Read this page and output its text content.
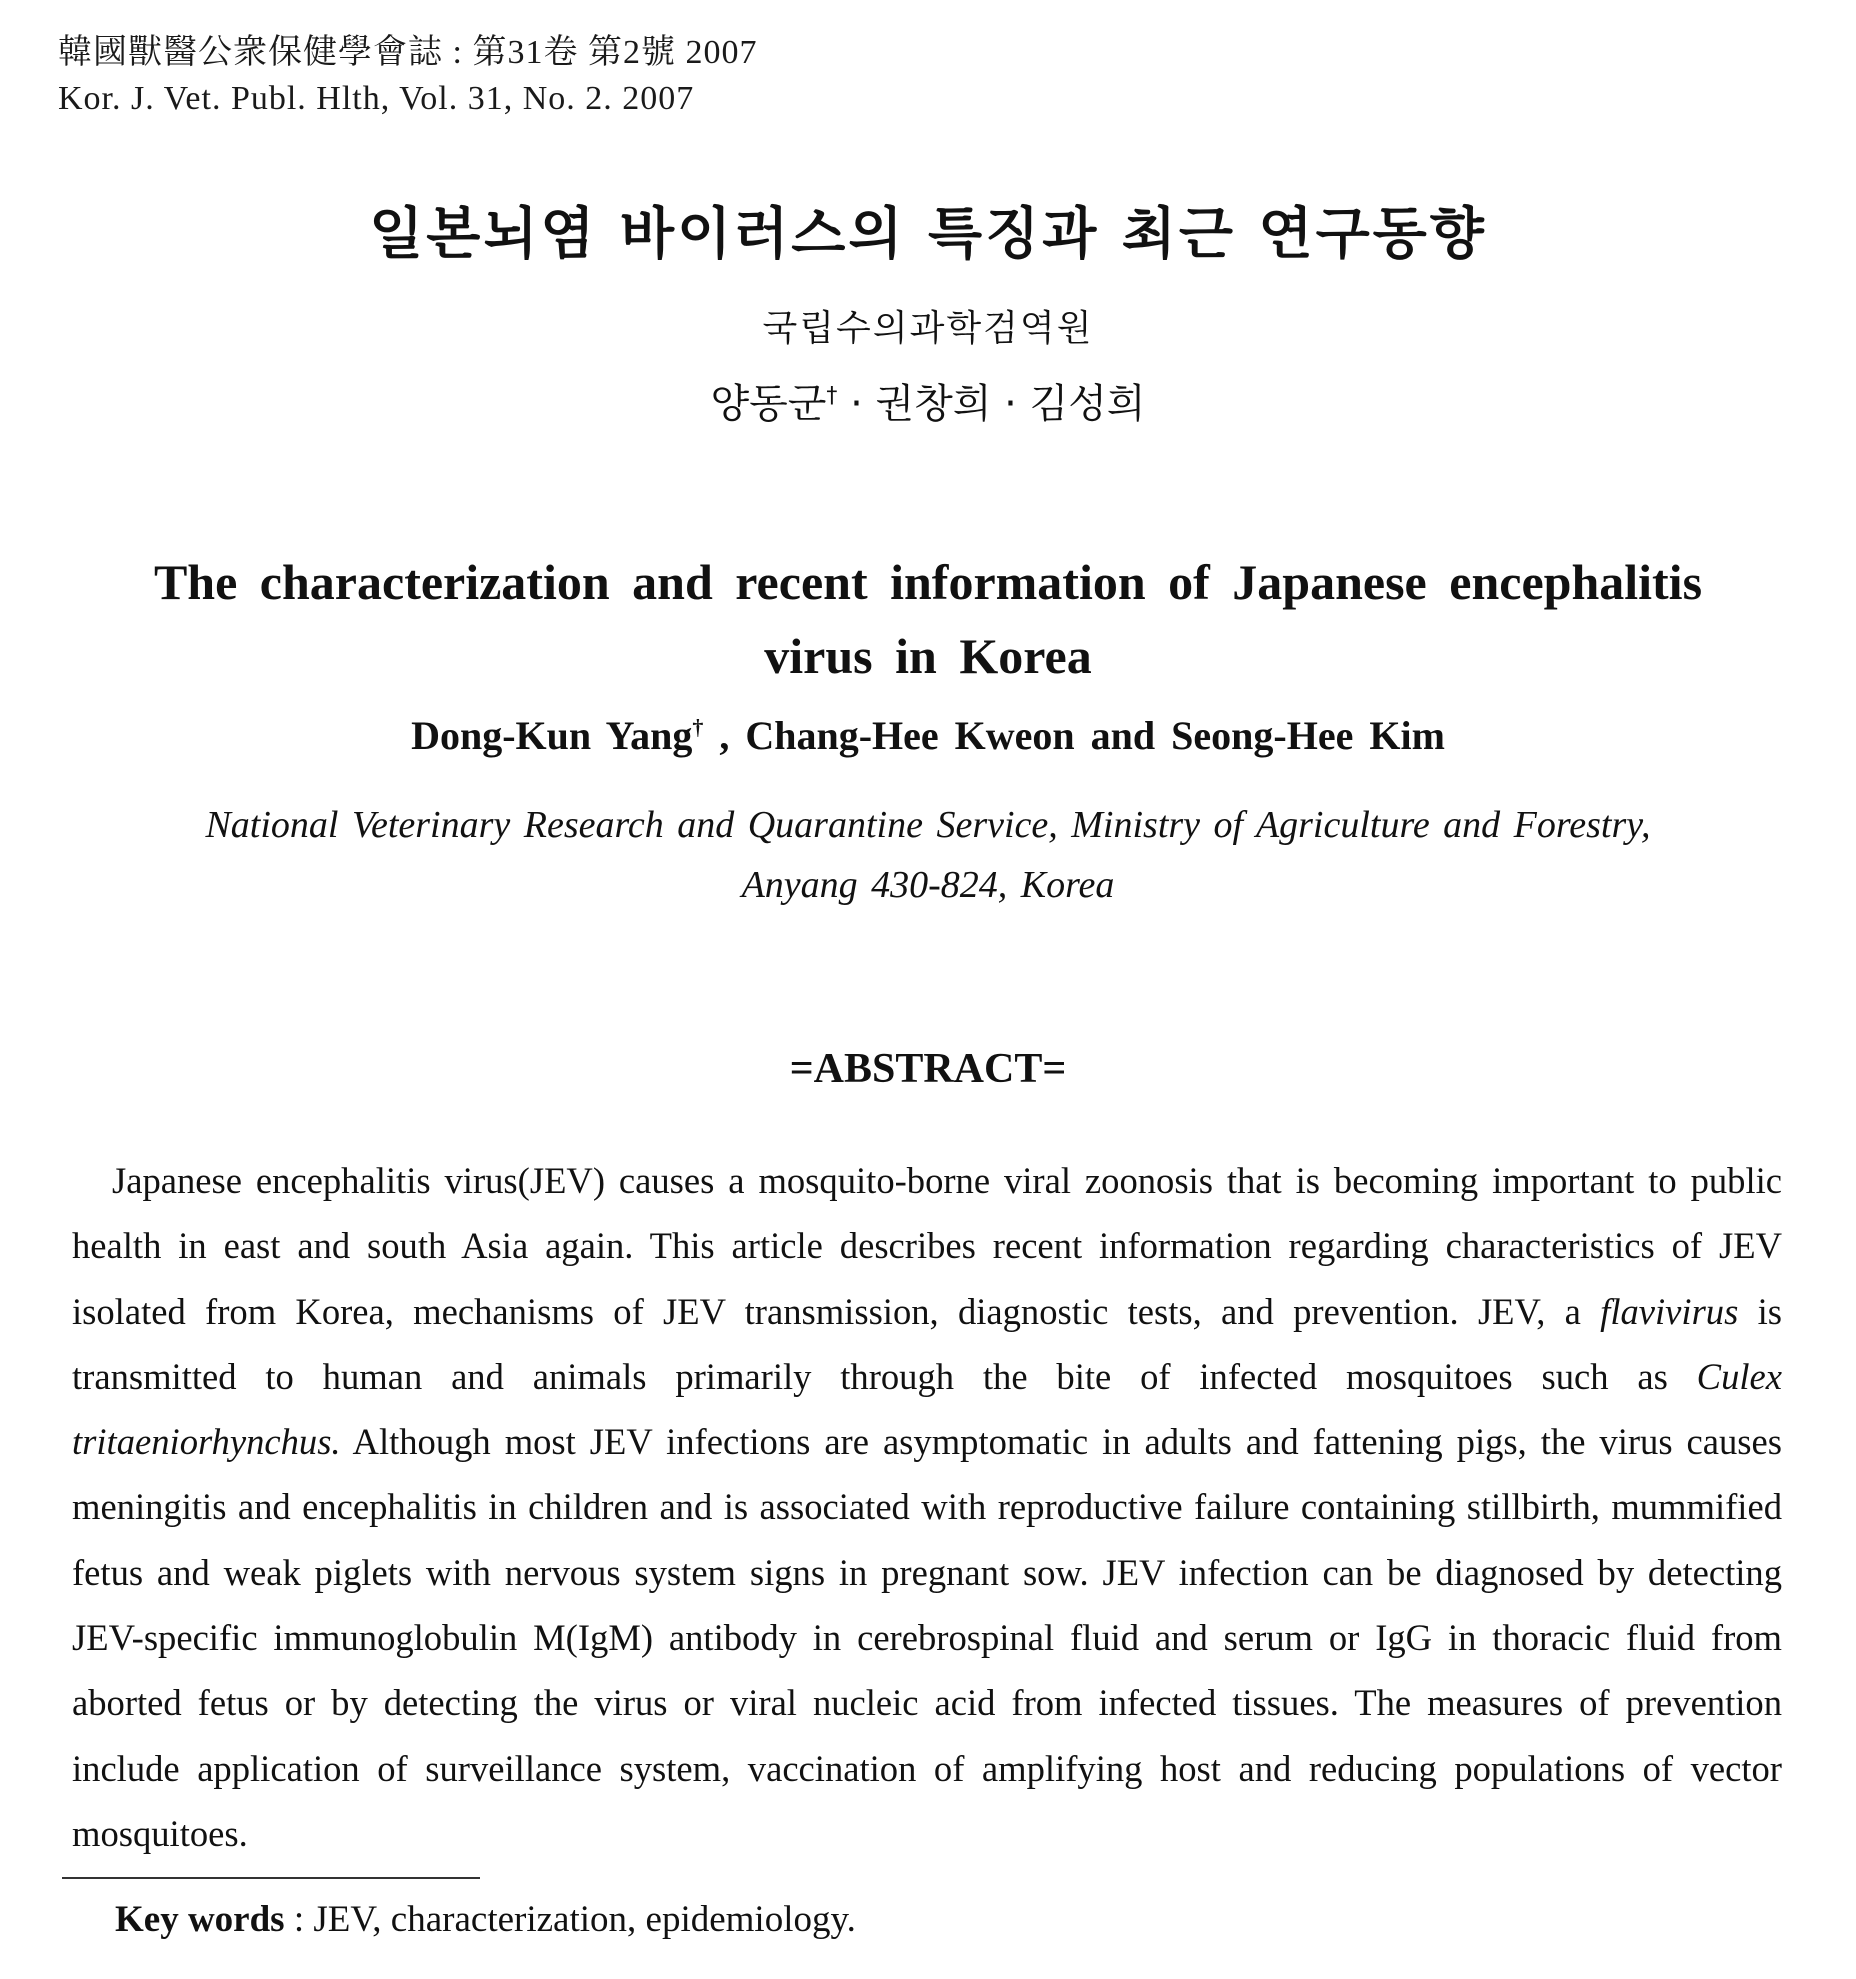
韓國獸醫公衆保健學會誌 : 第31卷 第2號 2007
Kor. J. Vet. Publ. Hlth, Vol. 31, No. 2. 2007
일본뇌염 바이러스의 특징과 최근 연구동향
국립수의과학검역원
양동군† · 권창희 · 김성희
The characterization and recent information of Japanese encephalitis virus in Korea
Dong-Kun Yang† , Chang-Hee Kweon and Seong-Hee Kim
National Veterinary Research and Quarantine Service, Ministry of Agriculture and Forestry,
Anyang 430-824, Korea
=ABSTRACT=

Japanese encephalitis virus(JEV) causes a mosquito-borne viral zoonosis that is becoming important to public health in east and south Asia again. This article describes recent information regarding characteristics of JEV isolated from Korea, mechanisms of JEV transmission, diagnostic tests, and prevention. JEV, a flavivirus is transmitted to human and animals primarily through the bite of infected mosquitoes such as Culex tritaeniorhynchus. Although most JEV infections are asymptomatic in adults and fattening pigs, the virus causes meningitis and encephalitis in children and is associated with reproductive failure containing stillbirth, mummified fetus and weak piglets with nervous system signs in pregnant sow. JEV infection can be diagnosed by detecting JEV-specific immunoglobulin M(IgM) antibody in cerebrospinal fluid and serum or IgG in thoracic fluid from aborted fetus or by detecting the virus or viral nucleic acid from infected tissues. The measures of prevention include application of surveillance system, vaccination of amplifying host and reducing populations of vector mosquitoes.

Key words : JEV, characterization, epidemiology.
